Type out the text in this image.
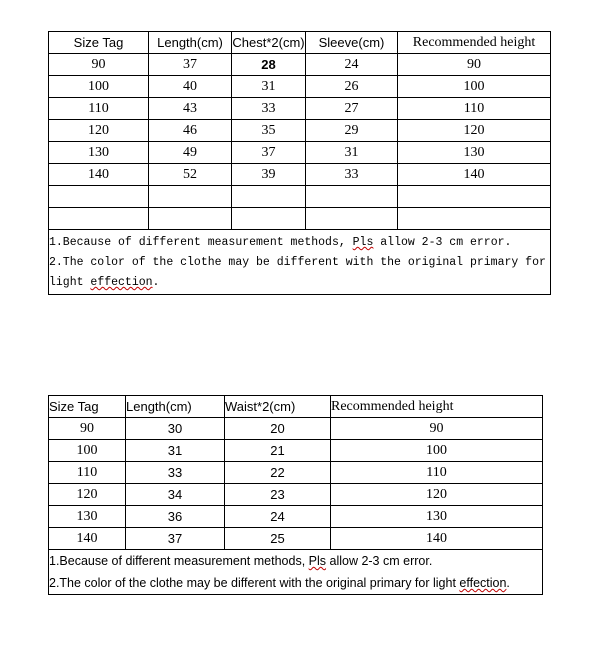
Size Tag	Length(cm)	Chest*2(cm)	Sleeve(cm)	Recommended height
90	37	28	24	90
100	40	31	26	100
110	43	33	27	110
120	46	35	29	120
130	49	37	31	130
140	52	39	33	140

1.Because of different measurement methods, Pls allow 2-3 cm error.
2.The color of the clothe may be different with the original primary for light effection.				
Size Tag	Length(cm)	Waist*2(cm)	Recommended height
90	30	20	90
100	31	21	100
110	33	22	110
120	34	23	120
130	36	24	130
140	37	25	140

1.Because of different measurement methods, Pls allow 2-3 cm error.
2.The color of the clothe may be different with the original primary for light effection.			
